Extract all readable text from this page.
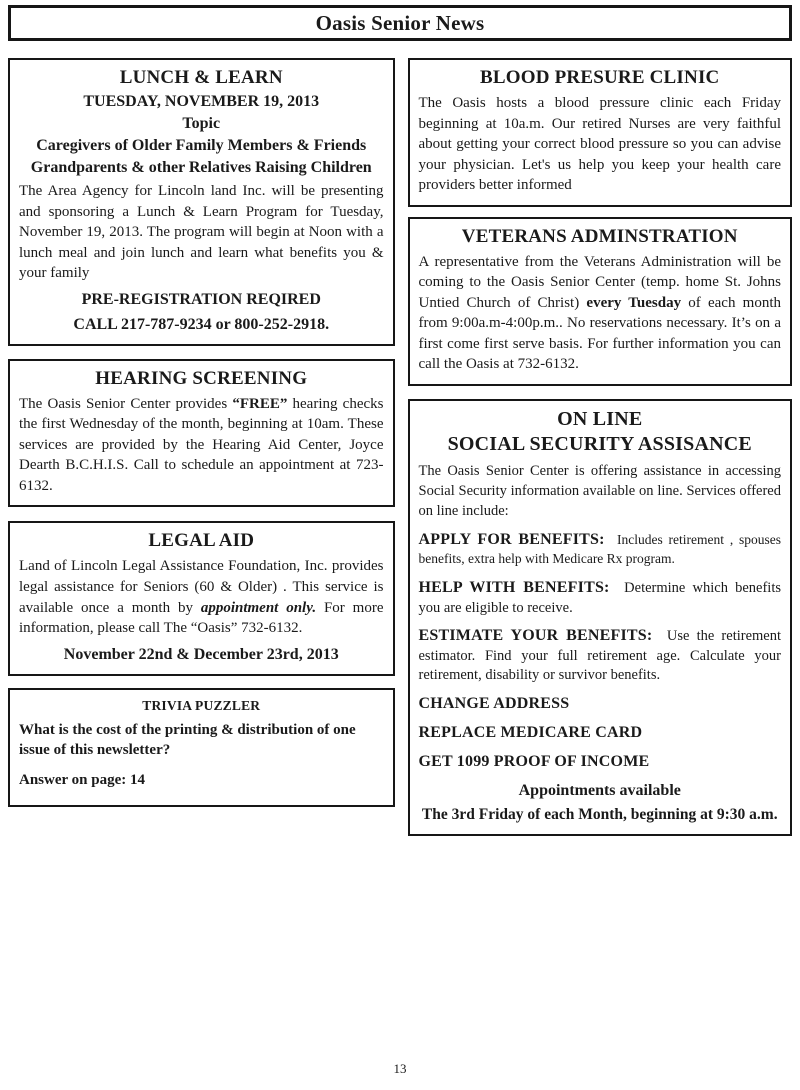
Oasis Senior News
LUNCH & LEARN

TUESDAY, NOVEMBER 19, 2013

Topic

Caregivers of Older Family Members & Friends

Grandparents & other Relatives Raising Children

The Area Agency for Lincoln land Inc. will be presenting and sponsoring a Lunch & Learn Program for Tuesday, November 19, 2013. The program will begin at Noon with a lunch meal and join lunch and learn what benefits you & your family

PRE-REGISTRATION REQIRED

CALL 217-787-9234 or 800-252-2918.

HEARING SCREENING

The Oasis Senior Center provides “FREE” hearing checks the first Wednesday of the month, beginning at 10am. These services are provided by the Hearing Aid Center, Joyce Dearth B.C.H.I.S. Call to schedule an appointment at 723-6132.

LEGAL AID

Land of Lincoln Legal Assistance Foundation, Inc. provides legal assistance for Seniors (60 & Older) . This service is available once a month by appointment only. For more information, please call The “Oasis” 732-6132.

November 22nd & December 23rd, 2013

TRIVIA PUZZLER

What is the cost of the printing & distribution of one issue of this newsletter?

Answer on page: 14

BLOOD PRESURE CLINIC

The Oasis hosts a blood pressure clinic each Friday beginning at 10a.m. Our retired Nurses are very faithful about getting your correct blood pressure so you can advise your physician. Let's us help you keep your health care providers better informed

VETERANS ADMINSTRATION

A representative from the Veterans Administration will be coming to the Oasis Senior Center (temp. home St. Johns Untied Church of Christ) every Tuesday of each month from 9:00a.m-4:00p.m.. No reservations necessary. It’s on a first come first serve basis. For further information you can call the Oasis at 732-6132.

ON LINE
SOCIAL SECURITY ASSISANCE

The Oasis Senior Center is offering assistance in accessing Social Security information available on line. Services offered on line include:

APPLY FOR BENEFITS: Includes retirement , spouses benefits, extra help with Medicare Rx program.

HELP WITH BENEFITS: Determine which benefits you are eligible to receive.

ESTIMATE YOUR BENEFITS: Use the retirement estimator. Find your full retirement age. Calculate your retirement, disability or survivor benefits.

CHANGE ADDRESS

REPLACE MEDICARE CARD

GET 1099 PROOF OF INCOME

Appointments available

The 3rd Friday of each Month, beginning at 9:30 a.m.

13
